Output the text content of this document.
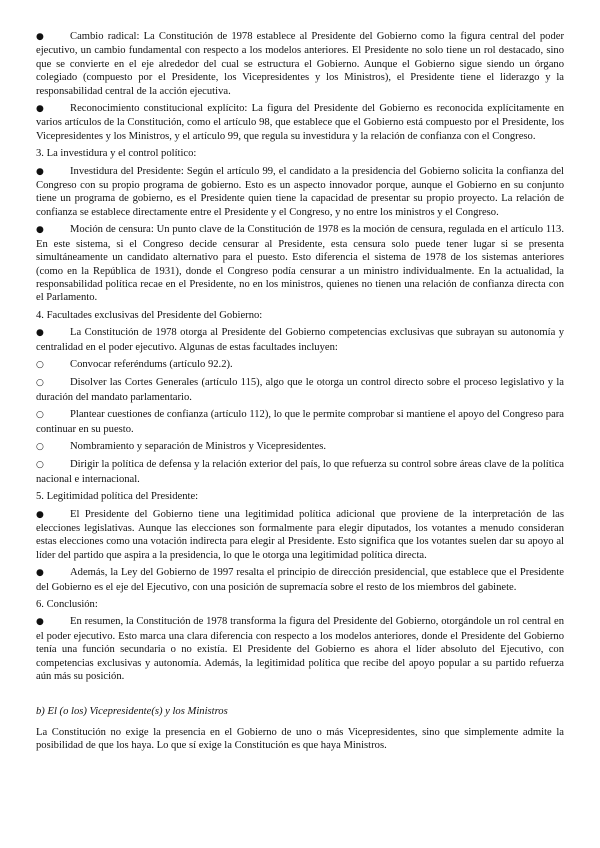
● Cambio radical: La Constitución de 1978 establece al Presidente del Gobierno como la figura central del poder ejecutivo, un cambio fundamental con respecto a los modelos anteriores. El Presidente no solo tiene un rol destacado, sino que se convierte en el eje alrededor del cual se estructura el Gobierno. Aunque el Gobierno sigue siendo un órgano colegiado (compuesto por el Presidente, los Vicepresidentes y los Ministros), el Presidente tiene el liderazgo y la responsabilidad central de la acción ejecutiva.
● Reconocimiento constitucional explícito: La figura del Presidente del Gobierno es reconocida explícitamente en varios artículos de la Constitución, como el artículo 98, que establece que el Gobierno está compuesto por el Presidente, los Vicepresidentes y los Ministros, y el artículo 99, que regula su investidura y la relación de confianza con el Congreso.
3. La investidura y el control político:
● Investidura del Presidente: Según el artículo 99, el candidato a la presidencia del Gobierno solicita la confianza del Congreso con su propio programa de gobierno. Esto es un aspecto innovador porque, aunque el Gobierno en su conjunto tiene un programa de gobierno, es el Presidente quien tiene la capacidad de presentar su propio proyecto. La relación de confianza se establece directamente entre el Presidente y el Congreso, y no entre los ministros y el Congreso.
● Moción de censura: Un punto clave de la Constitución de 1978 es la moción de censura, regulada en el artículo 113. En este sistema, si el Congreso decide censurar al Presidente, esta censura solo puede tener lugar si se presenta simultáneamente un candidato alternativo para el puesto. Esto diferencia el sistema de 1978 de los sistemas anteriores (como en la República de 1931), donde el Congreso podía censurar a un ministro individualmente. En la actualidad, la responsabilidad política recae en el Presidente, no en los ministros, quienes no tienen una relación de confianza directa con el Parlamento.
4. Facultades exclusivas del Presidente del Gobierno:
● La Constitución de 1978 otorga al Presidente del Gobierno competencias exclusivas que subrayan su autonomía y centralidad en el poder ejecutivo. Algunas de estas facultades incluyen:
○ Convocar referéndums (artículo 92.2).
○ Disolver las Cortes Generales (artículo 115), algo que le otorga un control directo sobre el proceso legislativo y la duración del mandato parlamentario.
○ Plantear cuestiones de confianza (artículo 112), lo que le permite comprobar si mantiene el apoyo del Congreso para continuar en su puesto.
○ Nombramiento y separación de Ministros y Vicepresidentes.
○ Dirigir la política de defensa y la relación exterior del país, lo que refuerza su control sobre áreas clave de la política nacional e internacional.
5. Legitimidad política del Presidente:
● El Presidente del Gobierno tiene una legitimidad política adicional que proviene de la interpretación de las elecciones legislativas. Aunque las elecciones son formalmente para elegir diputados, los votantes a menudo consideran estas elecciones como una votación indirecta para elegir al Presidente. Esto significa que los votantes suelen dar su apoyo al líder del partido que aspira a la presidencia, lo que le otorga una legitimidad política directa.
● Además, la Ley del Gobierno de 1997 resalta el principio de dirección presidencial, que establece que el Presidente del Gobierno es el eje del Ejecutivo, con una posición de supremacía sobre el resto de los miembros del gabinete.
6. Conclusión:
● En resumen, la Constitución de 1978 transforma la figura del Presidente del Gobierno, otorgándole un rol central en el poder ejecutivo. Esto marca una clara diferencia con respecto a los modelos anteriores, donde el Presidente del Gobierno tenía una función secundaria o no existía. El Presidente del Gobierno es ahora el líder absoluto del Ejecutivo, con competencias exclusivas y autonomía. Además, la legitimidad política que recibe del apoyo popular a su partido refuerza aún más su posición.
b) El (o los) Vicepresidente(s) y los Ministros

La Constitución no exige la presencia en el Gobierno de uno o más Vicepresidentes, sino que simplemente admite la posibilidad de que los haya. Lo que sí exige la Constitución es que haya Ministros.
